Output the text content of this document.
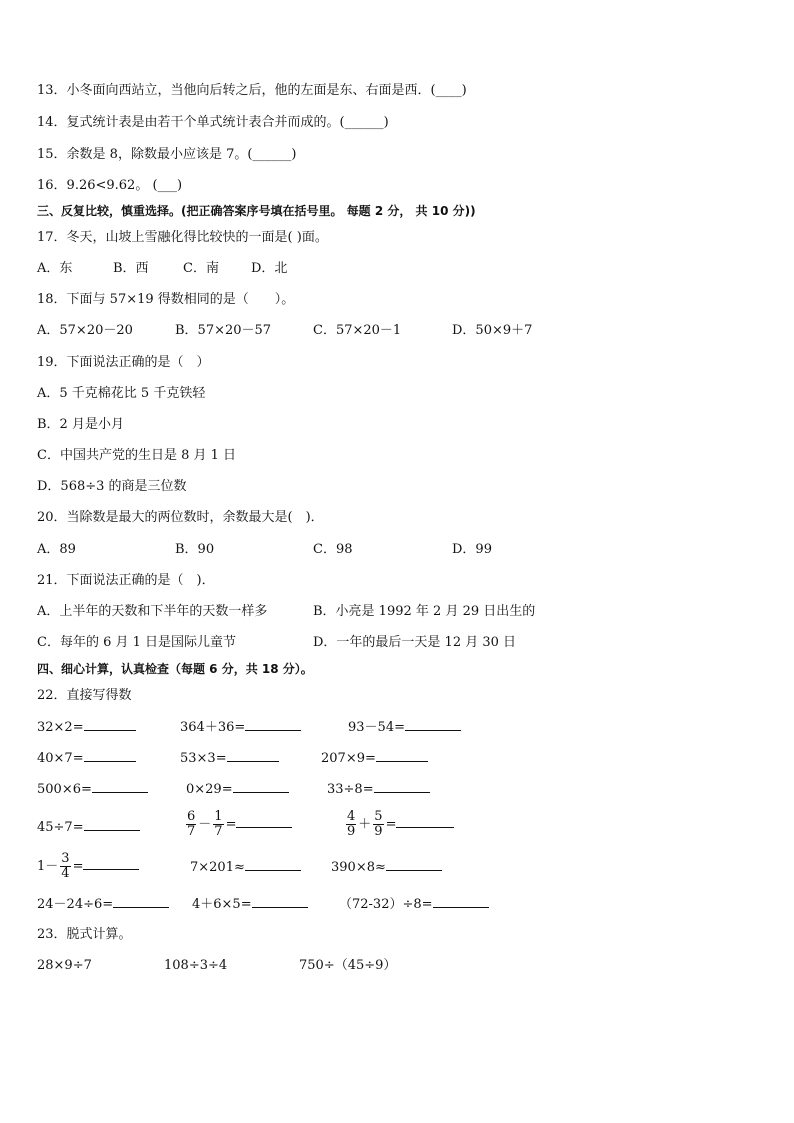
13．小冬面向西站立，当他向后转之后，他的左面是东、右面是西．(____)
14．复式统计表是由若干个单式统计表合并而成的。(______)
15．余数是 8，除数最小应该是 7。(______)
16．9.26<9.62。 (___)
三、反复比较，慎重选择。(把正确答案序号填在括号里。 每题 2 分， 共 10 分))
17．冬天，山坡上雪融化得比较快的一面是( )面。
A．东	B．西	C．南 D．北
18．下面与 57×19 得数相同的是（　　）。
A．57×20－20	B．57×20－57	C．57×20－1	D．50×9＋7
19．下面说法正确的是（　）
A．5 千克棉花比 5 千克铁轻
B．2 月是小月
C．中国共产党的生日是 8 月 1 日
D．568÷3 的商是三位数
20．当除数是最大的两位数时，余数最大是(　)．
A．89	B．90	C．98	D．99
21．下面说法正确的是（　)．
A．上半年的天数和下半年的天数一样多	B．小亮是 1992 年 2 月 29 日出生的
C．每年的 6 月 1 日是国际儿童节	D．一年的最后一天是 12 月 30 日
四、细心计算，认真检查（每题 6 分，共 18 分）。
22．直接写得数
32×2=	364＋36=	93－54=
40×7=	53×3=	207×9=
500×6=	0×29=	33÷8=
45÷7=	$\frac{6}{7} - \frac{1}{7}$ =	$\frac{4}{9} + \frac{5}{9}$ =
$1- \frac{3}{4}$ =	7×201≈	390×8≈
24－24÷6=	4＋6×5=	（72-32）÷8=
23．脱式计算。
28×9÷7	108÷3÷4	750÷（45÷9）
